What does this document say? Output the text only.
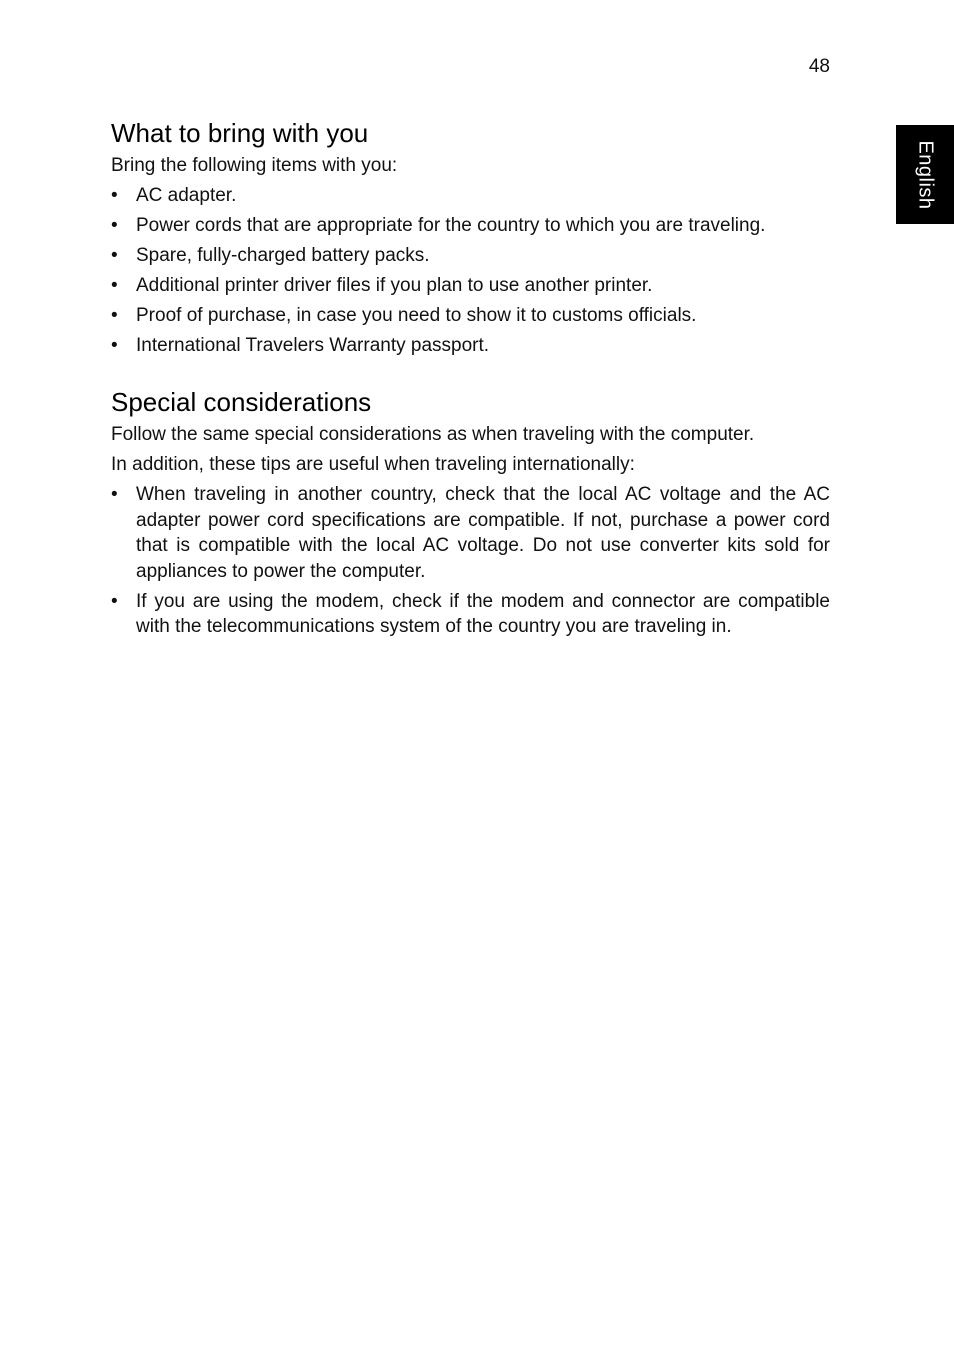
48
English
What to bring with you

Bring the following items with you:

• AC adapter.
• Power cords that are appropriate for the country to which you are traveling.
• Spare, fully-charged battery packs.
• Additional printer driver files if you plan to use another printer.
• Proof of purchase, in case you need to show it to customs officials.
• International Travelers Warranty passport.
Special considerations

Follow the same special considerations as when traveling with the computer.

In addition, these tips are useful when traveling internationally:

• When traveling in another country, check that the local AC voltage and the AC adapter power cord specifications are compatible. If not, purchase a power cord that is compatible with the local AC voltage. Do not use converter kits sold for appliances to power the computer.
• If you are using the modem, check if the modem and connector are compatible with the telecommunications system of the country you are traveling in.
